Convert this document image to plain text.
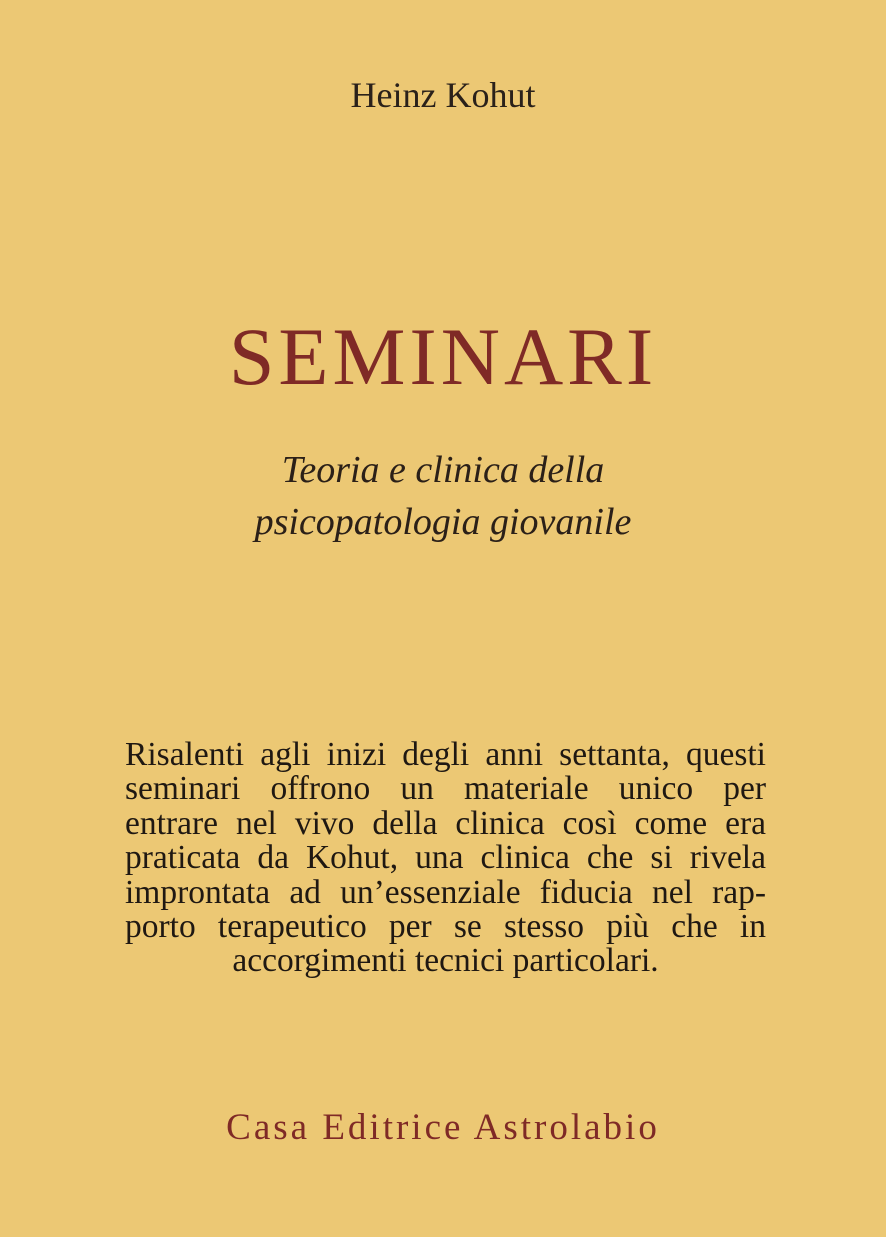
Heinz Kohut
SEMINARI
Teoria e clinica della
psicopatologia giovanile
Risalenti agli inizi degli anni settanta, questi
seminari offrono un materiale unico per
entrare nel vivo della clinica così come era
praticata da Kohut, una clinica che si rivela
improntata ad un’essenziale fiducia nel rap-
porto terapeutico per se stesso più che in
accorgimenti tecnici particolari.
Casa Editrice Astrolabio
